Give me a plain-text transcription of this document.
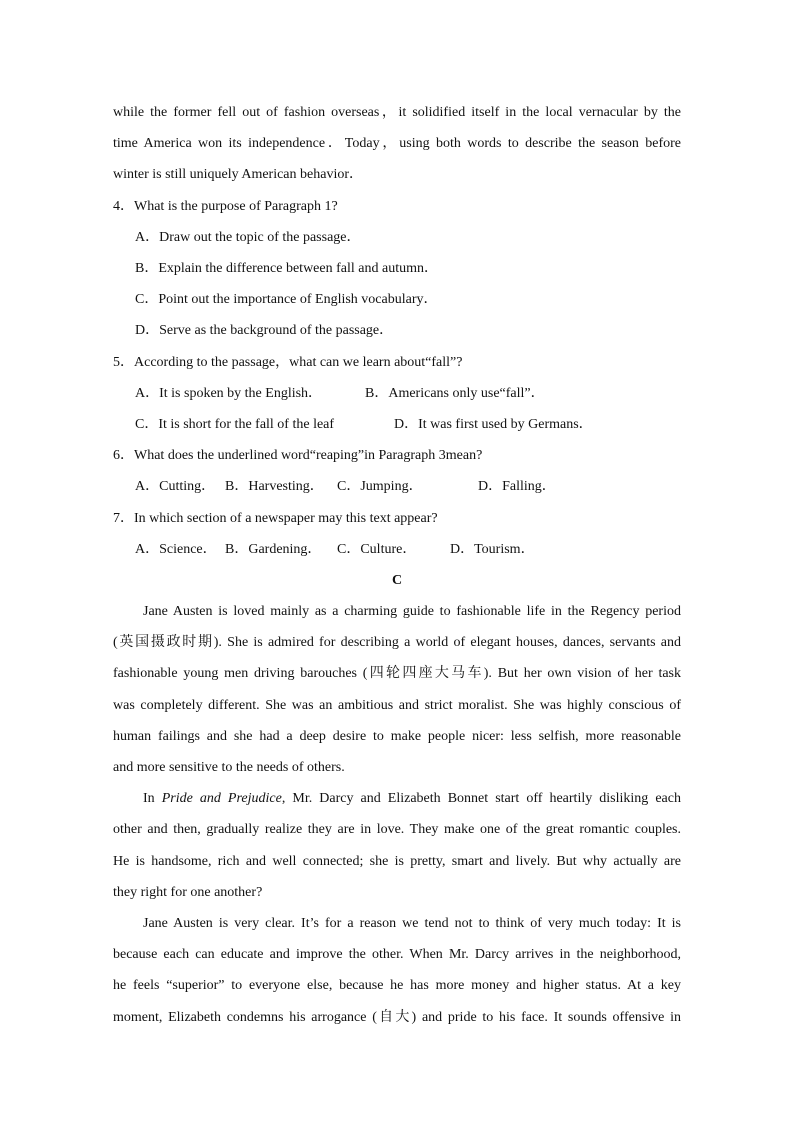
while the former fell out of fashion overseas，it solidified itself in the local vernacular by the
time America won its independence．Today，using both words to describe the season before
winter is still uniquely American behavior．
4．What is the purpose of Paragraph 1?
A．Draw out the topic of the passage．
B．Explain the difference between fall and autumn．
C．Point out the importance of English vocabulary．
D．Serve as the background of the passage．
5．According to the passage，what can we learn about“fall”?
A．It is spoken by the English．	B．Americans only use“fall”．
C．It is short for the fall of the leaf	D．It was first used by Germans．
6．What does the underlined word“reaping”in Paragraph 3mean?
A．Cutting． B．Harvesting． C．Jumping．	D．Falling．
7．In which section of a newspaper may this text appear?
A．Science． B．Gardening． C．Culture． D．Tourism．
C
Jane Austen is loved mainly as a charming guide to fashionable life in the Regency period
(英国摄政时期). She is admired for describing a world of elegant houses, dances, servants and
fashionable young men driving barouches (四轮四座大马车). But her own vision of her task
was completely different. She was an ambitious and strict moralist. She was highly conscious of
human failings and she had a deep desire to make people nicer: less selfish, more reasonable
and more sensitive to the needs of others.
In Pride and Prejudice, Mr. Darcy and Elizabeth Bonnet start off heartily disliking each
other and then, gradually realize they are in love. They make one of the great romantic couples.
He is handsome, rich and well connected; she is pretty, smart and lively. But why actually are
they right for one another?
Jane Austen is very clear. It’s for a reason we tend not to think of very much today: It is
because each can educate and improve the other. When Mr. Darcy arrives in the neighborhood,
he feels “superior” to everyone else, because he has more money and higher status. At a key
moment, Elizabeth condemns his arrogance (自大) and pride to his face. It sounds offensive in
